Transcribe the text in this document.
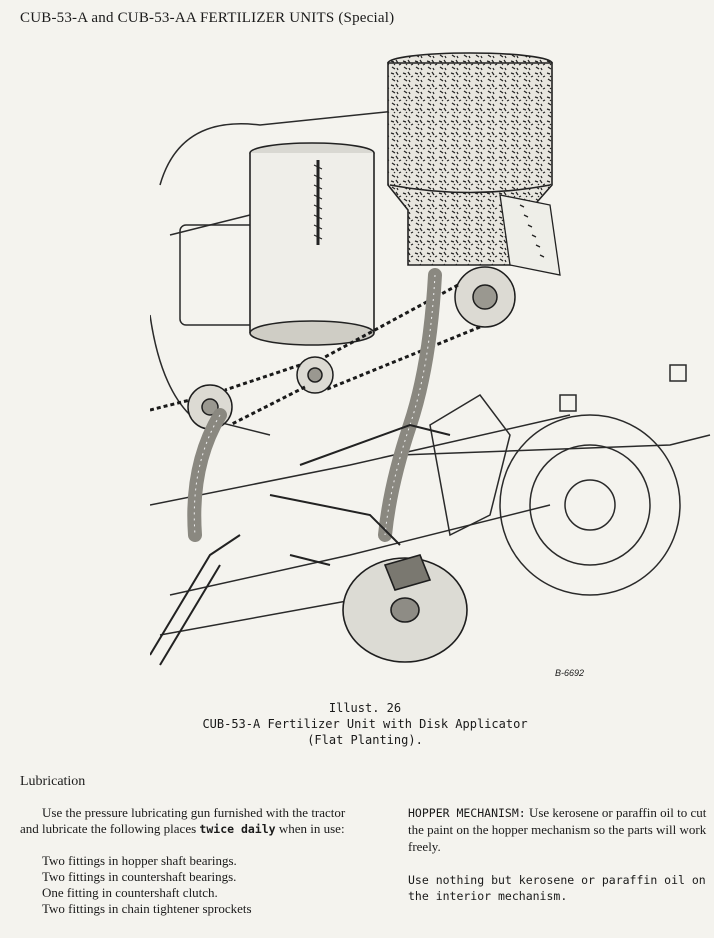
CUB-53-A and CUB-53-AA FERTILIZER UNITS (Special)
B-6692
Illust. 26
CUB-53-A Fertilizer Unit with Disk Applicator
(Flat Planting).
Lubrication

Use the pressure lubricating gun furnished with the tractor and lubricate the following places twice daily when in use:

Two fittings in hopper shaft bearings.
Two fittings in countershaft bearings.
One fitting in countershaft clutch.
Two fittings in chain tightener sprockets

HOPPER MECHANISM: Use kerosene or paraffin oil to cut the paint on the hopper mechanism so the parts will work freely.

Use nothing but kerosene or paraffin oil on the interior mechanism.
